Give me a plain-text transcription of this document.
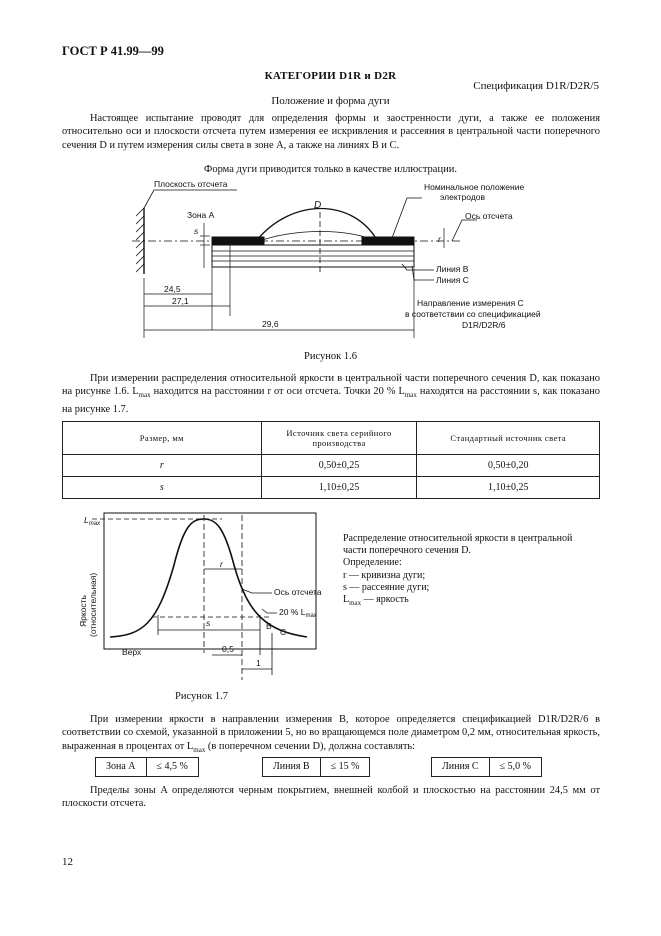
ГОСТ Р 41.99—99
КАТЕГОРИИ D1R и D2R
Спецификация D1R/D2R/5
Положение и форма дуги

Настоящее испытание проводят для определения формы и заостренности дуги, а также ее положения относительно оси и плоскости отсчета путем измерения ее искривления и рассеяния в центральной части поперечного сечения D и путем измерения силы света в зоне A, а также на линиях B и C.

Форма дуги приводится только в качестве иллюстрации.
Плоскость отсчета	Номинальное положение
электродов
Ось отсчета
Зона A
D
Линия B
Линия C
24,5
27,1
29,6
s
r
Направление измерения C
в соответствии со спецификацией
D1R/D2R/6
Рисунок 1.6

При измерении распределения относительной яркости в центральной части поперечного сечения D, как показано на рисунке 1.6. $L_{max}$ находится на расстоянии r от оси отсчета. Точки 20 % $L_{max}$ находятся на расстоянии s, как показано на рисунке 1.7.

Размер, мм	Источник света серийного производства	Стандартный источник света
r	0,50±0,25	0,50±0,20
s	1,10±0,25	1,10±0,25
$L_{max}$
Яркость (относительная)	Ось отсчета
20 % $L_{max}$
Верх
r
s	B
C
0,5
1
Распределение относительной яркости в центральной
части поперечного сечения D.
Определение:
r — кривизна дуги;
s — рассеяние дуги;
$L_{max}$ — яркость
Рисунок 1.7

При измерении яркости в направлении измерения B, которое определяется спецификацией D1R/D2R/6 в соответствии со схемой, указанной в приложении 5, но во вращающемся поле диаметром 0,2 мм, относительная яркость, выраженная в процентах от $L_{max}$ (в поперечном сечении D), должна составлять:

Зона A	≤ 4,5 %	Линия B	≤ 15 %	Линия C	≤ 5,0 %

Пределы зоны A определяются черным покрытием, внешней колбой и плоскостью на расстоянии 24,5 мм от плоскости отсчета.

12
